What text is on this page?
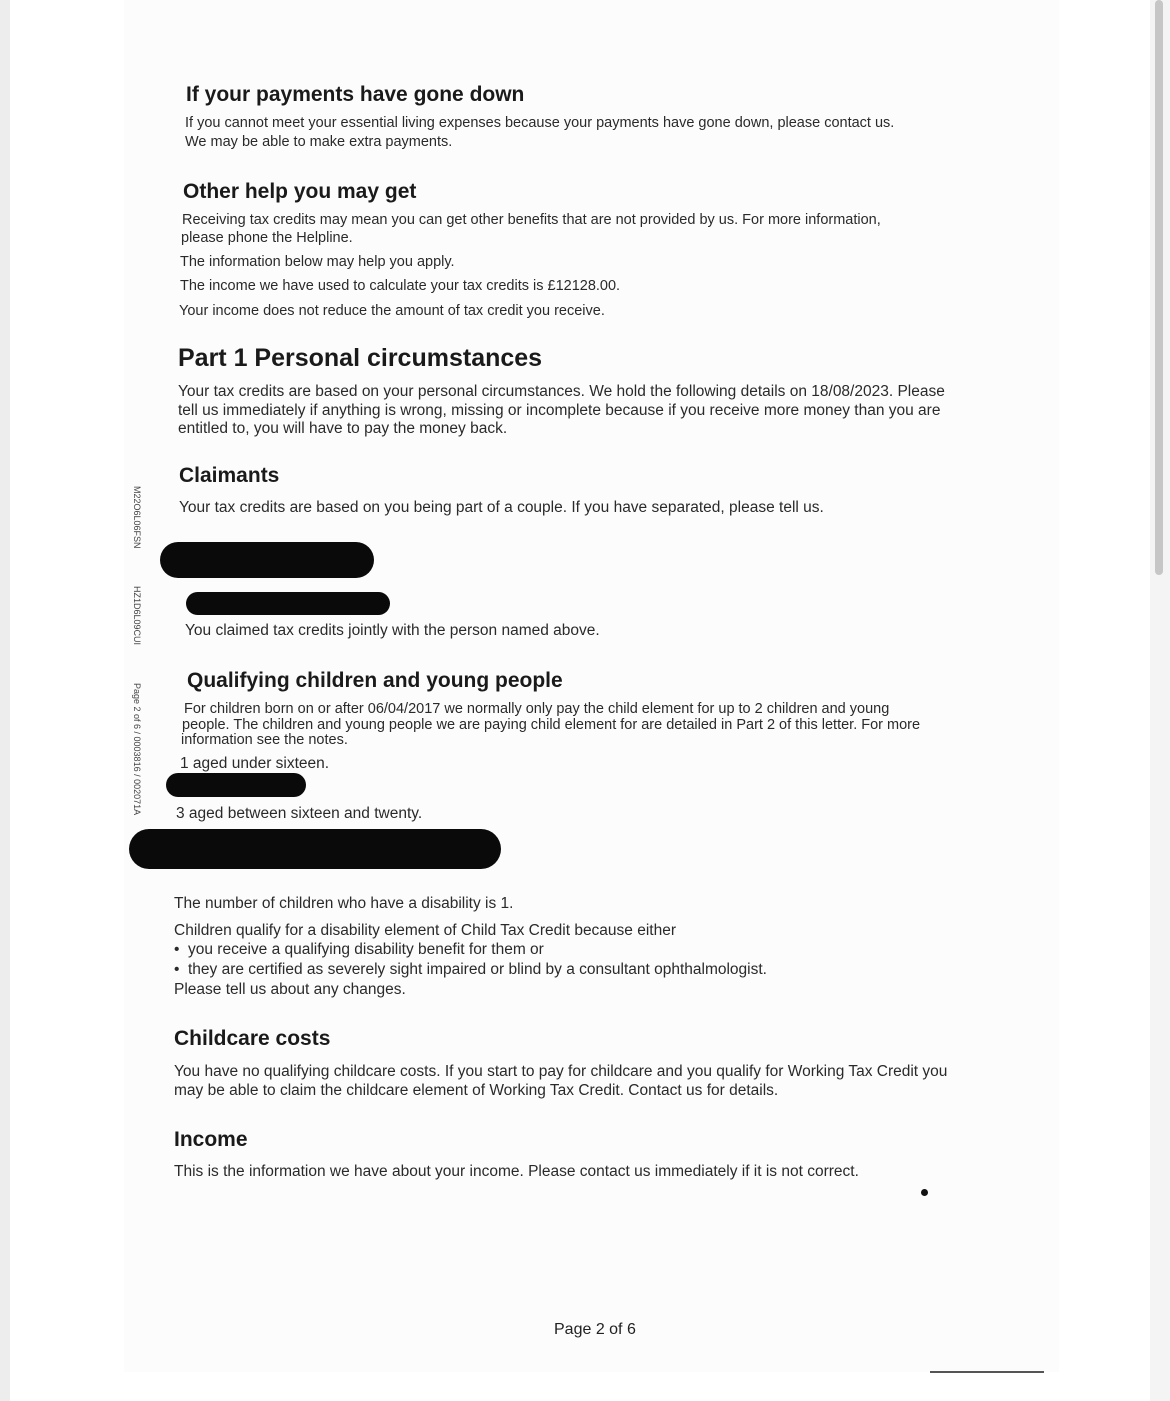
M22O6L06FSN
HZ1D6L09CUI
Page 2 of 6 / 0003816 / 002071A
If your payments have gone down

If you cannot meet your essential living expenses because your payments have gone down, please contact us.

We may be able to make extra payments.

Other help you may get

Receiving tax credits may mean you can get other benefits that are not provided by us. For more information,

please phone the Helpline.

The information below may help you apply.

The income we have used to calculate your tax credits is £12128.00.

Your income does not reduce the amount of tax credit you receive.

Part 1 Personal circumstances

Your tax credits are based on your personal circumstances. We hold the following details on 18/08/2023. Please

tell us immediately if anything is wrong, missing or incomplete because if you receive more money than you are

entitled to, you will have to pay the money back.

Claimants

Your tax credits are based on you being part of a couple. If you have separated, please tell us.

You claimed tax credits jointly with the person named above.

Qualifying children and young people

For children born on or after 06/04/2017 we normally only pay the child element for up to 2 children and young

people. The children and young people we are paying child element for are detailed in Part 2 of this letter. For more

information see the notes.

1 aged under sixteen.

3 aged between sixteen and twenty.

The number of children who have a disability is 1.

Children qualify for a disability element of Child Tax Credit because either

• you receive a qualifying disability benefit for them or
• they are certified as severely sight impaired or blind by a consultant ophthalmologist.

Please tell us about any changes.

Childcare costs

You have no qualifying childcare costs. If you start to pay for childcare and you qualify for Working Tax Credit you

may be able to claim the childcare element of Working Tax Credit. Contact us for details.

Income

This is the information we have about your income. Please contact us immediately if it is not correct.

Page 2 of 6
